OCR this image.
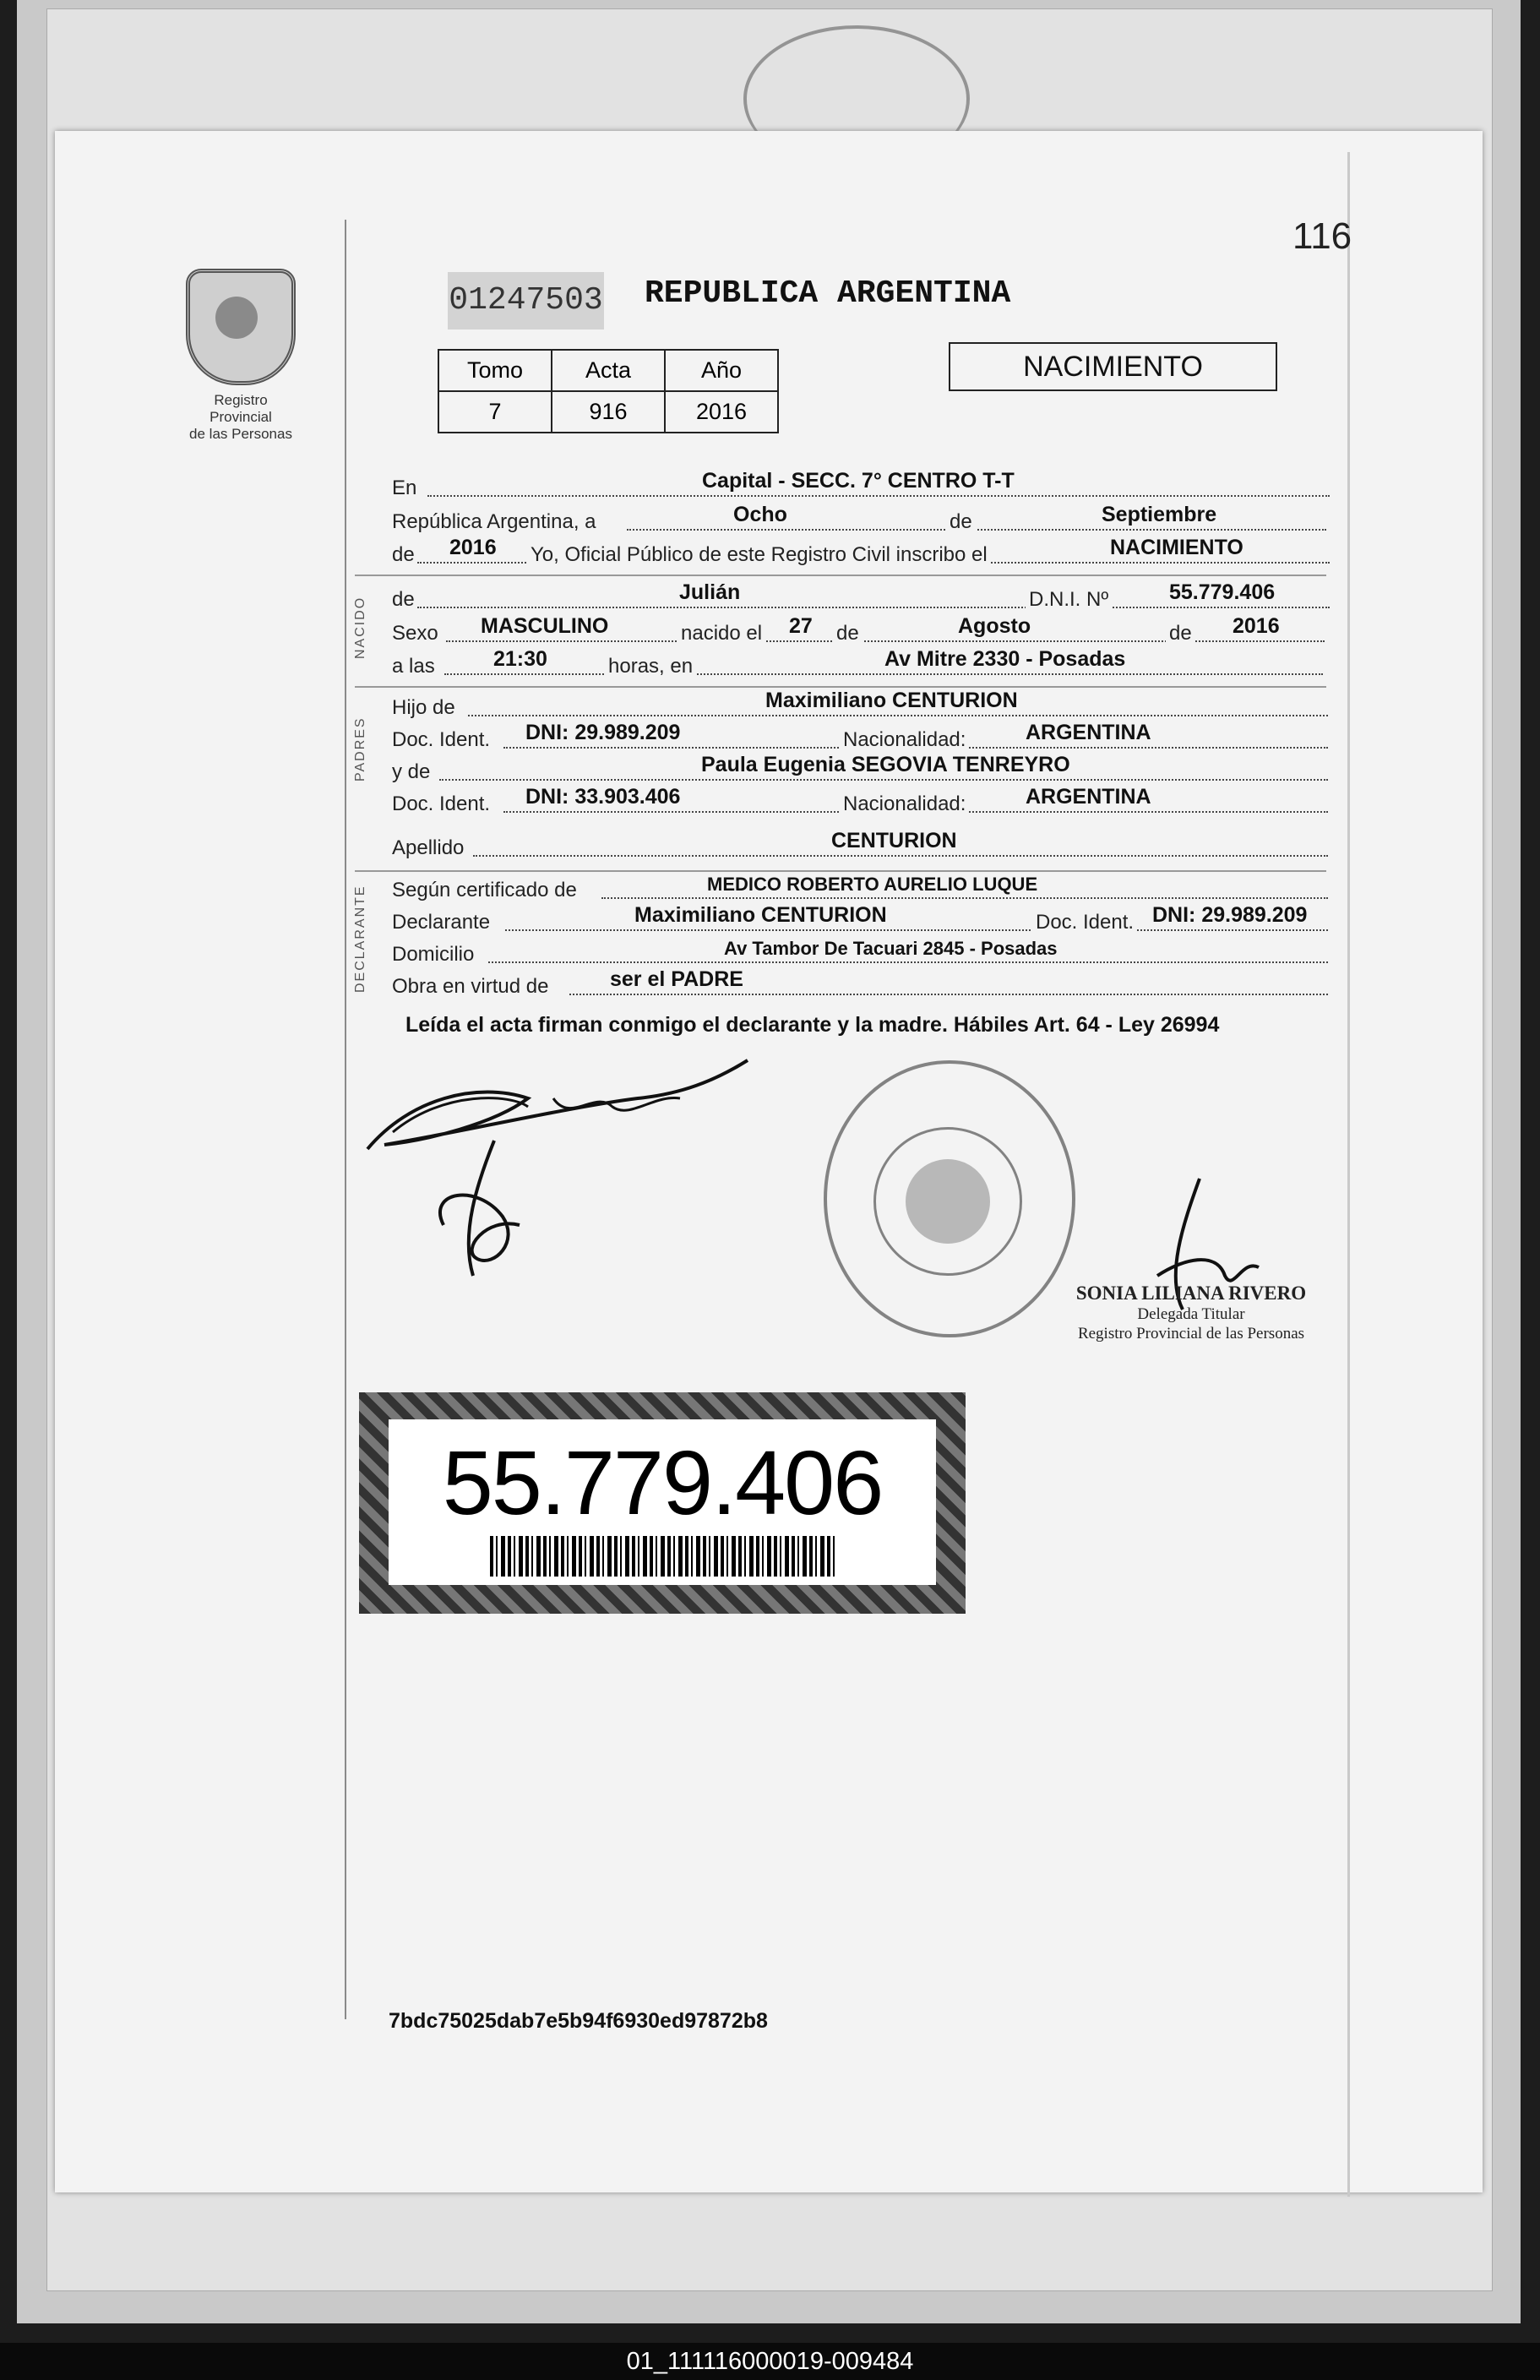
116
Registro Provincial
de las Personas
01247503 REPUBLICA ARGENTINA
Tomo	Acta	Año
7	916	2016
NACIMIENTO
En	Capital - SECC. 7° CENTRO T-T
República Argentina, a	Ocho	de	Septiembre
de 2016 Yo, Oficial Público de este Registro Civil inscribo el	NACIMIENTO
NACIDO de	Julián	D.N.I. Nº	55.779.406
Sexo MASCULINO	nacido el 27 de	Agosto	de 2016
a las	21:30	horas, en	Av Mitre 2330 - Posadas
PADRES
Hijo de	Maximiliano CENTURION
Doc. Ident. DNI: 29.989.209	Nacionalidad:	ARGENTINA
y de	Paula Eugenia SEGOVIA TENREYRO
Doc. Ident. DNI: 33.903.406	Nacionalidad:	ARGENTINA
Apellido	CENTURION
DECLARANTE Según certificado de	MEDICO ROBERTO AURELIO LUQUE
Declarante	Maximiliano CENTURION	Doc. Ident. DNI: 29.989.209
Domicilio	Av Tambor De Tacuari 2845 - Posadas
Obra en virtud de	ser el PADRE
Leída el acta firman conmigo el declarante y la madre. Hábiles Art. 64 - Ley 26994
SONIA LILIANA RIVERO
Delegada Titular
Registro Provincial de las Personas
55.779.406
7bdc75025dab7e5b94f6930ed97872b8
01_111116000019-009484
